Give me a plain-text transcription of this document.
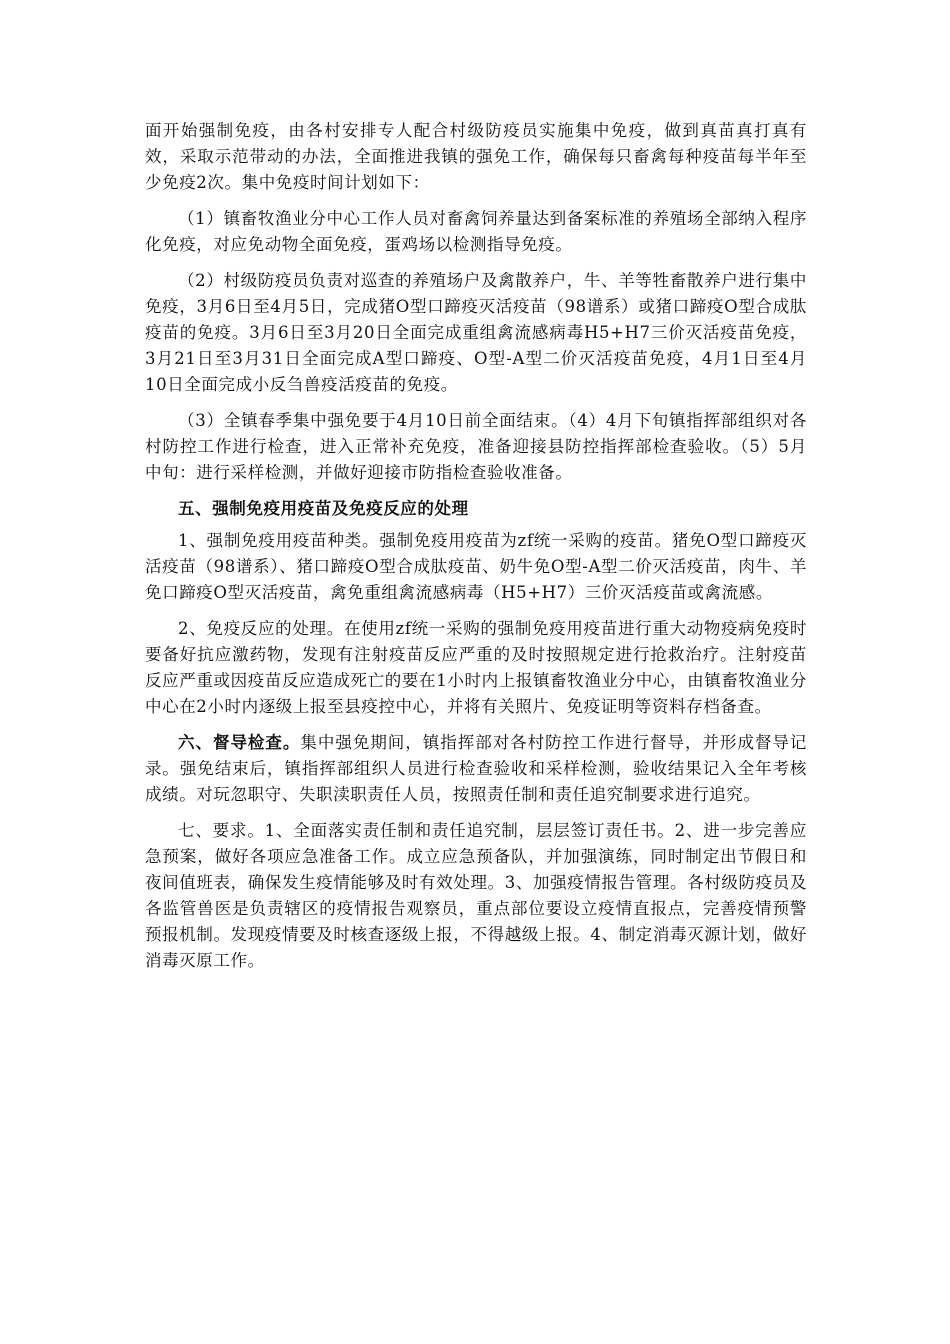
面开始强制免疫，由各村安排专人配合村级防疫员实施集中免疫，做到真苗真打真有效，采取示范带动的办法，全面推进我镇的强免工作，确保每只畜禽每种疫苗每半年至少免疫2次。集中免疫时间计划如下：

（1）镇畜牧渔业分中心工作人员对畜禽饲养量达到备案标准的养殖场全部纳入程序化免疫，对应免动物全面免疫，蛋鸡场以检测指导免疫。

（2）村级防疫员负责对巡查的养殖场户及禽散养户，牛、羊等牲畜散养户进行集中免疫，3月6日至4月5日，完成猪O型口蹄疫灭活疫苗（98谱系）或猪口蹄疫O型合成肽疫苗的免疫。3月6日至3月20日全面完成重组禽流感病毒H5+H7三价灭活疫苗免疫，3月21日至3月31日全面完成A型口蹄疫、O型-A型二价灭活疫苗免疫，4月1日至4月10日全面完成小反刍兽疫活疫苗的免疫。

（3）全镇春季集中强免要于4月10日前全面结束。（4）4月下旬镇指挥部组织对各村防控工作进行检查，进入正常补充免疫，准备迎接县防控指挥部检查验收。（5）5月中旬：进行采样检测，并做好迎接市防指检查验收准备。

五、强制免疫用疫苗及免疫反应的处理

1、强制免疫用疫苗种类。强制免疫用疫苗为zf统一采购的疫苗。猪免O型口蹄疫灭活疫苗（98谱系）、猪口蹄疫O型合成肽疫苗、奶牛免O型-A型二价灭活疫苗，肉牛、羊免口蹄疫O型灭活疫苗，禽免重组禽流感病毒（H5+H7）三价灭活疫苗或禽流感。

2、免疫反应的处理。在使用zf统一采购的强制免疫用疫苗进行重大动物疫病免疫时要备好抗应激药物，发现有注射疫苗反应严重的及时按照规定进行抢救治疗。注射疫苗反应严重或因疫苗反应造成死亡的要在1小时内上报镇畜牧渔业分中心，由镇畜牧渔业分中心在2小时内逐级上报至县疫控中心，并将有关照片、免疫证明等资料存档备查。

六、督导检查。集中强免期间，镇指挥部对各村防控工作进行督导，并形成督导记录。强免结束后，镇指挥部组织人员进行检查验收和采样检测，验收结果记入全年考核成绩。对玩忽职守、失职渎职责任人员，按照责任制和责任追究制要求进行追究。

七、要求。1、全面落实责任制和责任追究制，层层签订责任书。2、进一步完善应急预案，做好各项应急准备工作。成立应急预备队，并加强演练，同时制定出节假日和夜间值班表，确保发生疫情能够及时有效处理。3、加强疫情报告管理。各村级防疫员及各监管兽医是负责辖区的疫情报告观察员，重点部位要设立疫情直报点，完善疫情预警预报机制。发现疫情要及时核查逐级上报，不得越级上报。4、制定消毒灭源计划，做好消毒灭原工作。
